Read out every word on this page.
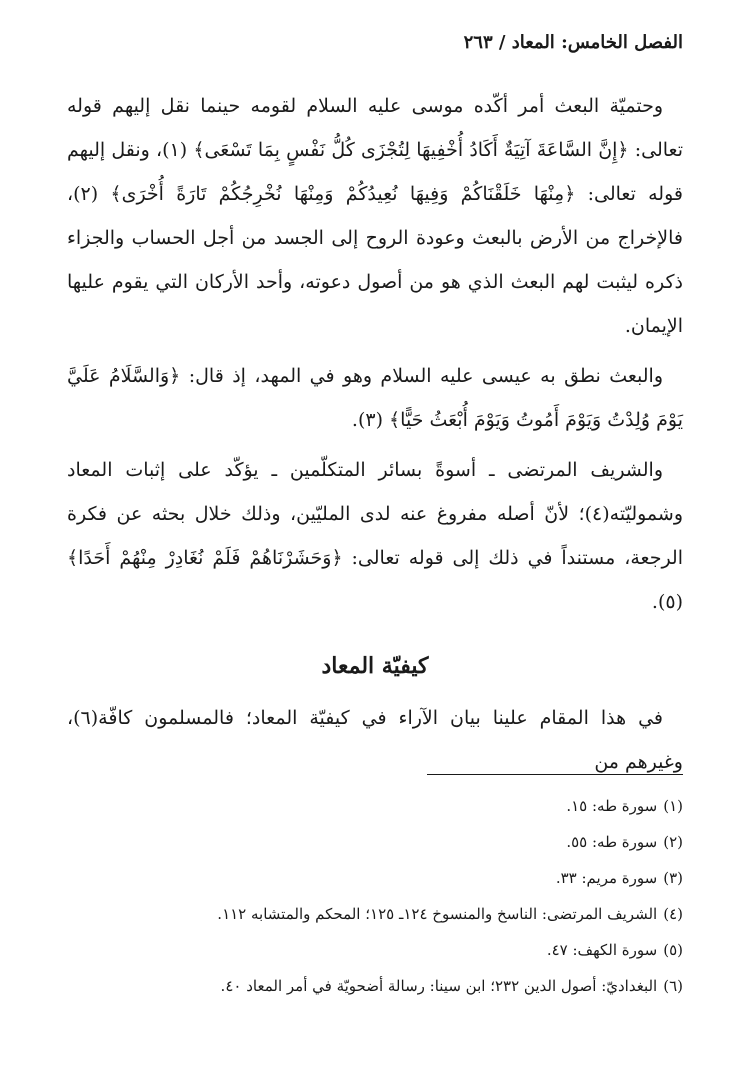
الفصل الخامس: المعاد / ٢٦٣

وحتميّة البعث أمر أكّده موسى عليه السلام لقومه حينما نقل إليهم قوله تعالى: ﴿إِنَّ السَّاعَةَ آتِيَةٌ أَكَادُ أُخْفِيهَا لِتُجْزَى كُلُّ نَفْسٍ بِمَا تَسْعَى﴾ (١)، ونقل إليهم قوله تعالى: ﴿مِنْهَا خَلَقْنَاكُمْ وَفِيهَا نُعِيدُكُمْ وَمِنْهَا نُخْرِجُكُمْ تَارَةً أُخْرَى﴾ (٢)، فالإخراج من الأرض بالبعث وعودة الروح إلى الجسد من أجل الحساب والجزاء ذكره ليثبت لهم البعث الذي هو من أصول دعوته، وأحد الأركان التي يقوم عليها الإيمان.

والبعث نطق به عيسى عليه السلام وهو في المهد، إذ قال: ﴿وَالسَّلَامُ عَلَيَّ يَوْمَ وُلِدْتُ وَيَوْمَ أَمُوتُ وَيَوْمَ أُبْعَثُ حَيًّا﴾ (٣).

والشريف المرتضى ـ أسوةً بسائر المتكلّمين ـ يؤكّد على إثبات المعاد وشموليّته(٤)؛ لأنّ أصله مفروغ عنه لدى المليّين، وذلك خلال بحثه عن فكرة الرجعة، مستنداً في ذلك إلى قوله تعالى: ﴿وَحَشَرْنَاهُمْ فَلَمْ نُغَادِرْ مِنْهُمْ أَحَدًا﴾ (٥).

كيفيّة المعاد

في هذا المقام علينا بيان الآراء في كيفيّة المعاد؛ فالمسلمون كافّة(٦)، وغيرهم من

(١)سورة طه: ١٥.
(٢)سورة طه: ٥٥.
(٣)سورة مريم: ٣٣.
(٤)الشريف المرتضى: الناسخ والمنسوخ ١٢٤ـ ١٢٥؛ المحكم والمتشابه ١١٢.
(٥)سورة الكهف: ٤٧.
(٦)البغداديّ: أصول الدين ٢٣٢؛ ابن سينا: رسالة أضحويّة في أمر المعاد ٤٠.
